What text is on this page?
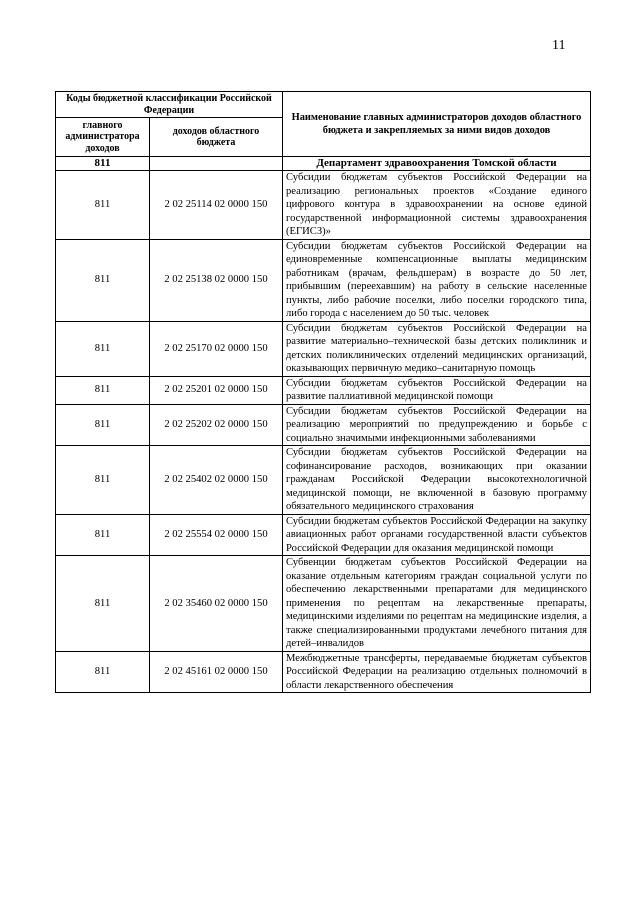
11
Коды бюджетной классификации Российской Федерации		Наименование главных администраторов доходов областного бюджета и закрепляемых за ними видов доходов
главного администратора доходов	доходов областного бюджета	
811		Департамент здравоохранения Томской области
811	2 02 25114 02 0000 150	Субсидии бюджетам субъектов Российской Федерации на реализацию региональных проектов «Создание единого цифрового контура в здравоохранении на основе единой государственной информационной системы здравоохранения (ЕГИСЗ)»
811	2 02 25138 02 0000 150	Субсидии бюджетам субъектов Российской Федерации на единовременные компенсационные выплаты медицинским работникам (врачам, фельдшерам) в возрасте до 50 лет, прибывшим (переехавшим) на работу в сельские населенные пункты, либо рабочие поселки, либо поселки городского типа, либо города с населением до 50 тыс. человек
811	2 02 25170 02 0000 150	Субсидии бюджетам субъектов Российской Федерации на развитие материально–технической базы детских поликлиник и детских поликлинических отделений медицинских организаций, оказывающих первичную медико–санитарную помощь
811	2 02 25201 02 0000 150	Субсидии бюджетам субъектов Российской Федерации на развитие паллиативной медицинской помощи
811	2 02 25202 02 0000 150	Субсидии бюджетам субъектов Российской Федерации на реализацию мероприятий по предупреждению и борьбе с социально значимыми инфекционными заболеваниями
811	2 02 25402 02 0000 150	Субсидии бюджетам субъектов Российской Федерации на софинансирование расходов, возникающих при оказании гражданам Российской Федерации высокотехнологичной медицинской помощи, не включенной в базовую программу обязательного медицинского страхования
811	2 02 25554 02 0000 150	Субсидии бюджетам субъектов Российской Федерации на закупку авиационных работ органами государственной власти субъектов Российской Федерации для оказания медицинской помощи
811	2 02 35460 02 0000 150	Субвенции бюджетам субъектов Российской Федерации на оказание отдельным категориям граждан социальной услуги по обеспечению лекарственными препаратами для медицинского применения по рецептам на лекарственные препараты, медицинскими изделиями по рецептам на медицинские изделия, а также специализированными продуктами лечебного питания для детей–инвалидов
811	2 02 45161 02 0000 150	Межбюджетные трансферты, передаваемые бюджетам субъектов Российской Федерации на реализацию отдельных полномочий в области лекарственного обеспечения
